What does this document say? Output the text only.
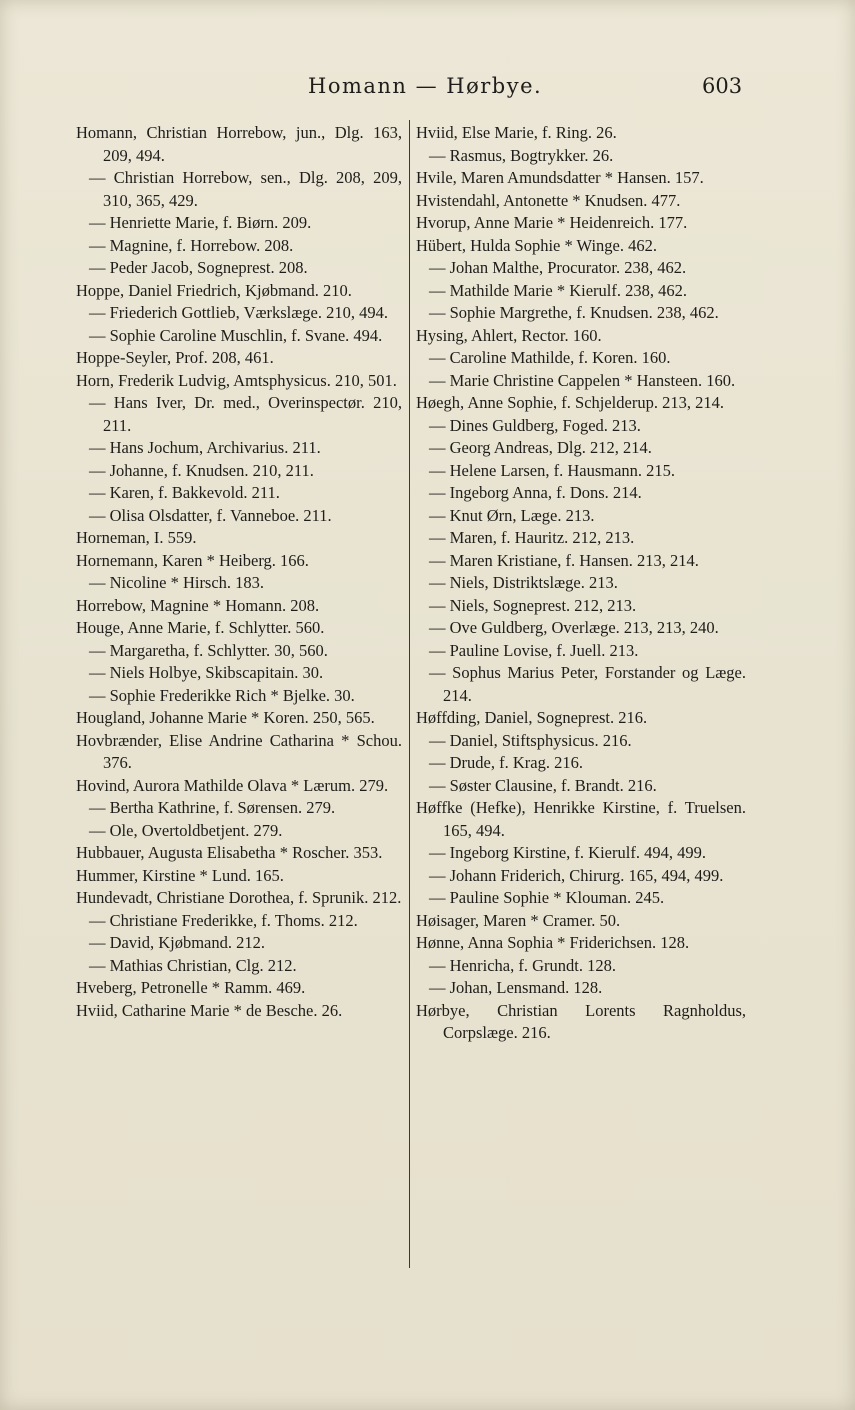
Homann — Hørbye.	603

Homann, Christian Horrebow, jun., Dlg. 163, 209, 494.

— Christian Horrebow, sen., Dlg. 208, 209, 310, 365, 429.

— Henriette Marie, f. Biørn. 209.

— Magnine, f. Horrebow. 208.

— Peder Jacob, Sogneprest. 208.

Hoppe, Daniel Friedrich, Kjøbmand. 210.

— Friederich Gottlieb, Værkslæge. 210, 494.

— Sophie Caroline Muschlin, f. Svane. 494.

Hoppe-Seyler, Prof. 208, 461.

Horn, Frederik Ludvig, Amtsphysicus. 210, 501.

— Hans Iver, Dr. med., Overinspectør. 210, 211.

— Hans Jochum, Archivarius. 211.

— Johanne, f. Knudsen. 210, 211.

— Karen, f. Bakkevold. 211.

— Olisa Olsdatter, f. Vanneboe. 211.

Horneman, I. 559.

Hornemann, Karen * Heiberg. 166.

— Nicoline * Hirsch. 183.

Horrebow, Magnine * Homann. 208.

Houge, Anne Marie, f. Schlytter. 560.

— Margaretha, f. Schlytter. 30, 560.

— Niels Holbye, Skibscapitain. 30.

— Sophie Frederikke Rich * Bjelke. 30.

Hougland, Johanne Marie * Koren. 250, 565.

Hovbrænder, Elise Andrine Catharina * Schou. 376.

Hovind, Aurora Mathilde Olava * Lærum. 279.

— Bertha Kathrine, f. Sørensen. 279.

— Ole, Overtoldbetjent. 279.

Hubbauer, Augusta Elisabetha * Roscher. 353.

Hummer, Kirstine * Lund. 165.

Hundevadt, Christiane Dorothea, f. Sprunik. 212.

— Christiane Frederikke, f. Thoms. 212.

— David, Kjøbmand. 212.

— Mathias Christian, Clg. 212.

Hveberg, Petronelle * Ramm. 469.

Hviid, Catharine Marie * de Besche. 26.

Hviid, Else Marie, f. Ring. 26.

— Rasmus, Bogtrykker. 26.

Hvile, Maren Amundsdatter * Hansen. 157.

Hvistendahl, Antonette * Knudsen. 477.

Hvorup, Anne Marie * Heidenreich. 177.

Hübert, Hulda Sophie * Winge. 462.

— Johan Malthe, Procurator. 238, 462.

— Mathilde Marie * Kierulf. 238, 462.

— Sophie Margrethe, f. Knudsen. 238, 462.

Hysing, Ahlert, Rector. 160.

— Caroline Mathilde, f. Koren. 160.

— Marie Christine Cappelen * Hansteen. 160.

Høegh, Anne Sophie, f. Schjelderup. 213, 214.

— Dines Guldberg, Foged. 213.

— Georg Andreas, Dlg. 212, 214.

— Helene Larsen, f. Hausmann. 215.

— Ingeborg Anna, f. Dons. 214.

— Knut Ørn, Læge. 213.

— Maren, f. Hauritz. 212, 213.

— Maren Kristiane, f. Hansen. 213, 214.

— Niels, Distriktslæge. 213.

— Niels, Sogneprest. 212, 213.

— Ove Guldberg, Overlæge. 213, 213, 240.

— Pauline Lovise, f. Juell. 213.

— Sophus Marius Peter, Forstander og Læge. 214.

Høffding, Daniel, Sogneprest. 216.

— Daniel, Stiftsphysicus. 216.

— Drude, f. Krag. 216.

— Søster Clausine, f. Brandt. 216.

Høffke (Hefke), Henrikke Kirstine, f. Truelsen. 165, 494.

— Ingeborg Kirstine, f. Kierulf. 494, 499.

— Johann Friderich, Chirurg. 165, 494, 499.

— Pauline Sophie * Klouman. 245.

Høisager, Maren * Cramer. 50.

Hønne, Anna Sophia * Friderichsen. 128.

— Henricha, f. Grundt. 128.

— Johan, Lensmand. 128.

Hørbye, Christian Lorents Ragnholdus, Corpslæge. 216.
